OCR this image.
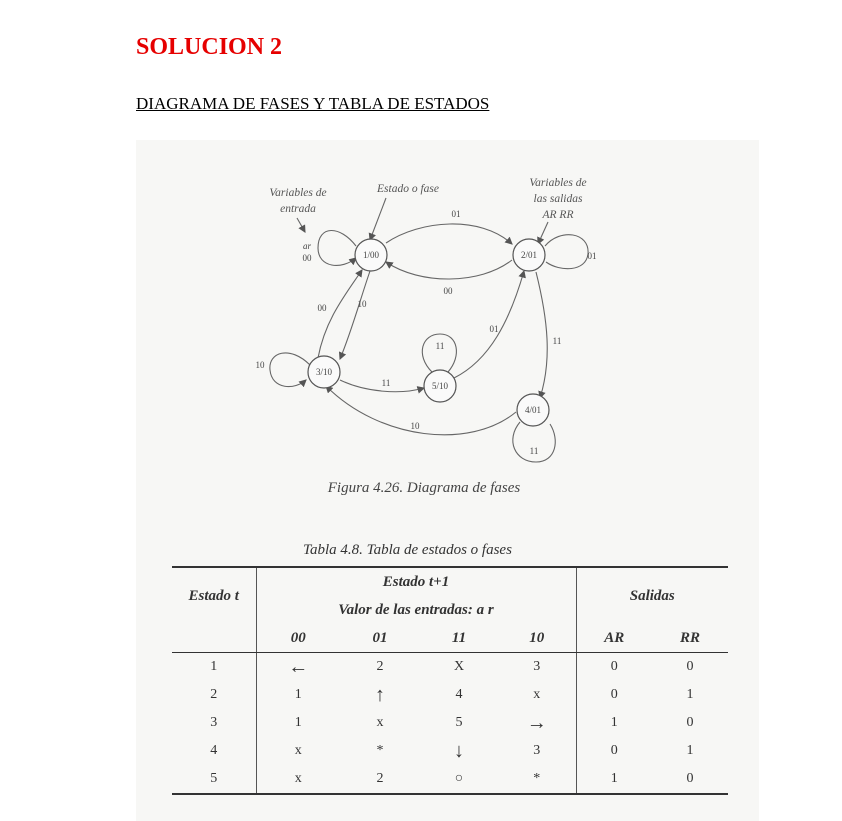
SOLUCION 2
DIAGRAMA DE FASES Y TABLA DE ESTADOS
1/00	2/01
3/10
5/10
4/01
01
00
01
00	10
10
11
11
01
11
10
11
ar
00
Variables de
entrada
Estado o fase	Variables de
las salidas
AR RR
Figura 4.26. Diagrama de fases
Tabla 4.8. Tabla de estados o fases
Estado t	Estado t+1				Salidas	
	Valor de las entradas: a r					
	00	01	11	10	AR	RR
1	←	2	X	3	0	0
2	1	↑	4	x	0	1
3	1	x	5	→	1	0
4	x	*	↓	3	0	1
5	x	2	○	*	1	0
